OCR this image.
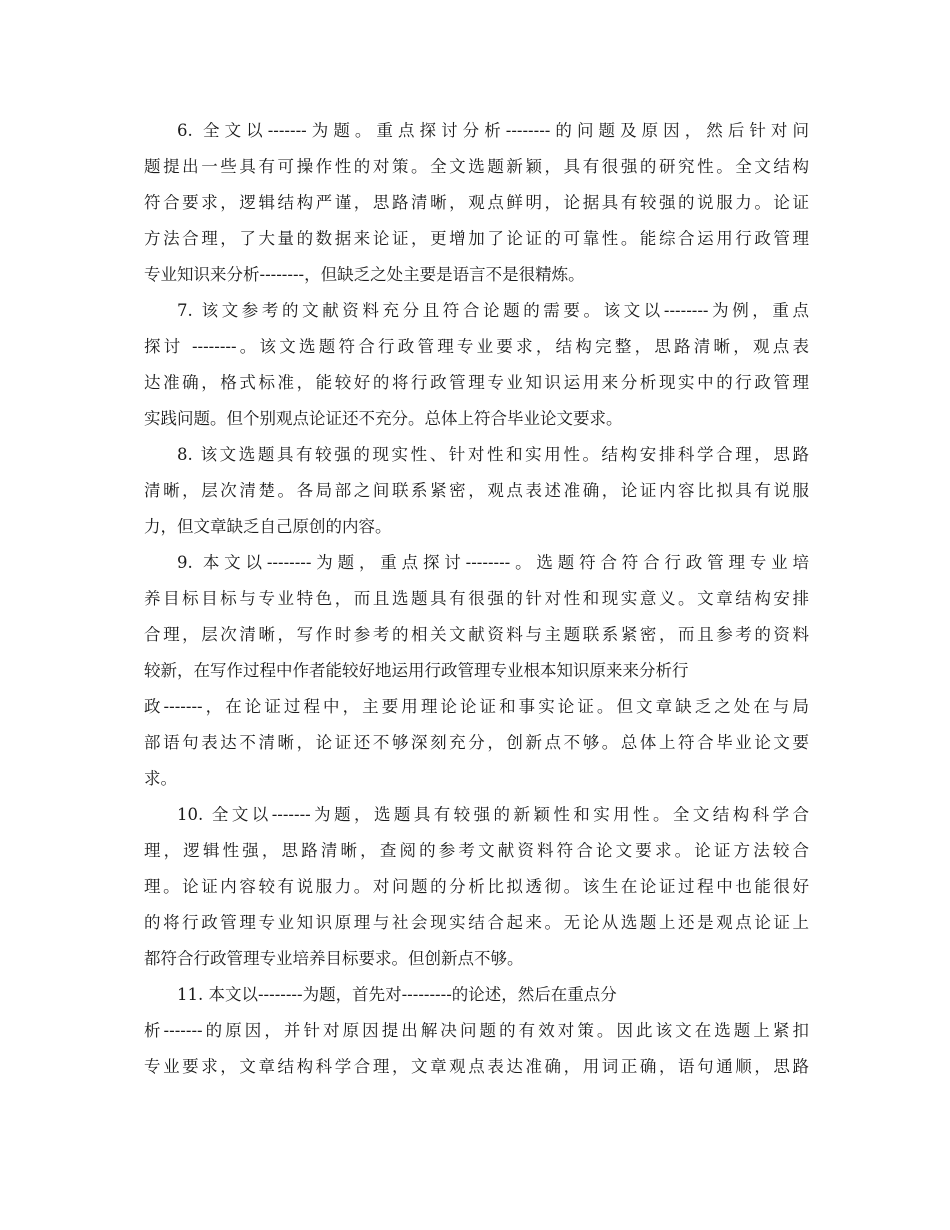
6. 全文以-------为题。重点探讨分析--------的问题及原因，然后针对问
题提出一些具有可操作性的对策。全文选题新颖，具有很强的研究性。全文结构
符合要求，逻辑结构严谨，思路清晰，观点鲜明，论据具有较强的说服力。论证
方法合理，了大量的数据来论证，更增加了论证的可靠性。能综合运用行政管理
专业知识来分析--------，但缺乏之处主要是语言不是很精炼。
7. 该文参考的文献资料充分且符合论题的需要。该文以--------为例，重点
探讨 --------。该文选题符合行政管理专业要求，结构完整，思路清晰，观点表
达准确，格式标准，能较好的将行政管理专业知识运用来分析现实中的行政管理
实践问题。但个别观点论证还不充分。总体上符合毕业论文要求。
8. 该文选题具有较强的现实性、针对性和实用性。结构安排科学合理，思路
清晰，层次清楚。各局部之间联系紧密，观点表述准确，论证内容比拟具有说服
力，但文章缺乏自己原创的内容。
9. 本文以--------为题，重点探讨--------。选题符合符合行政管理专业培
养目标目标与专业特色，而且选题具有很强的针对性和现实意义。文章结构安排
合理，层次清晰，写作时参考的相关文献资料与主题联系紧密，而且参考的资料
较新，在写作过程中作者能较好地运用行政管理专业根本知识原来来分析行
政-------，在论证过程中，主要用理论论证和事实论证。但文章缺乏之处在与局
部语句表达不清晰，论证还不够深刻充分，创新点不够。总体上符合毕业论文要
求。
10. 全文以-------为题，选题具有较强的新颖性和实用性。全文结构科学合
理，逻辑性强，思路清晰，查阅的参考文献资料符合论文要求。论证方法较合
理。论证内容较有说服力。对问题的分析比拟透彻。该生在论证过程中也能很好
的将行政管理专业知识原理与社会现实结合起来。无论从选题上还是观点论证上
都符合行政管理专业培养目标要求。但创新点不够。
11. 本文以--------为题，首先对---------的论述，然后在重点分
析-------的原因，并针对原因提出解决问题的有效对策。因此该文在选题上紧扣
专业要求，文章结构科学合理，文章观点表达准确，用词正确，语句通顺，思路
